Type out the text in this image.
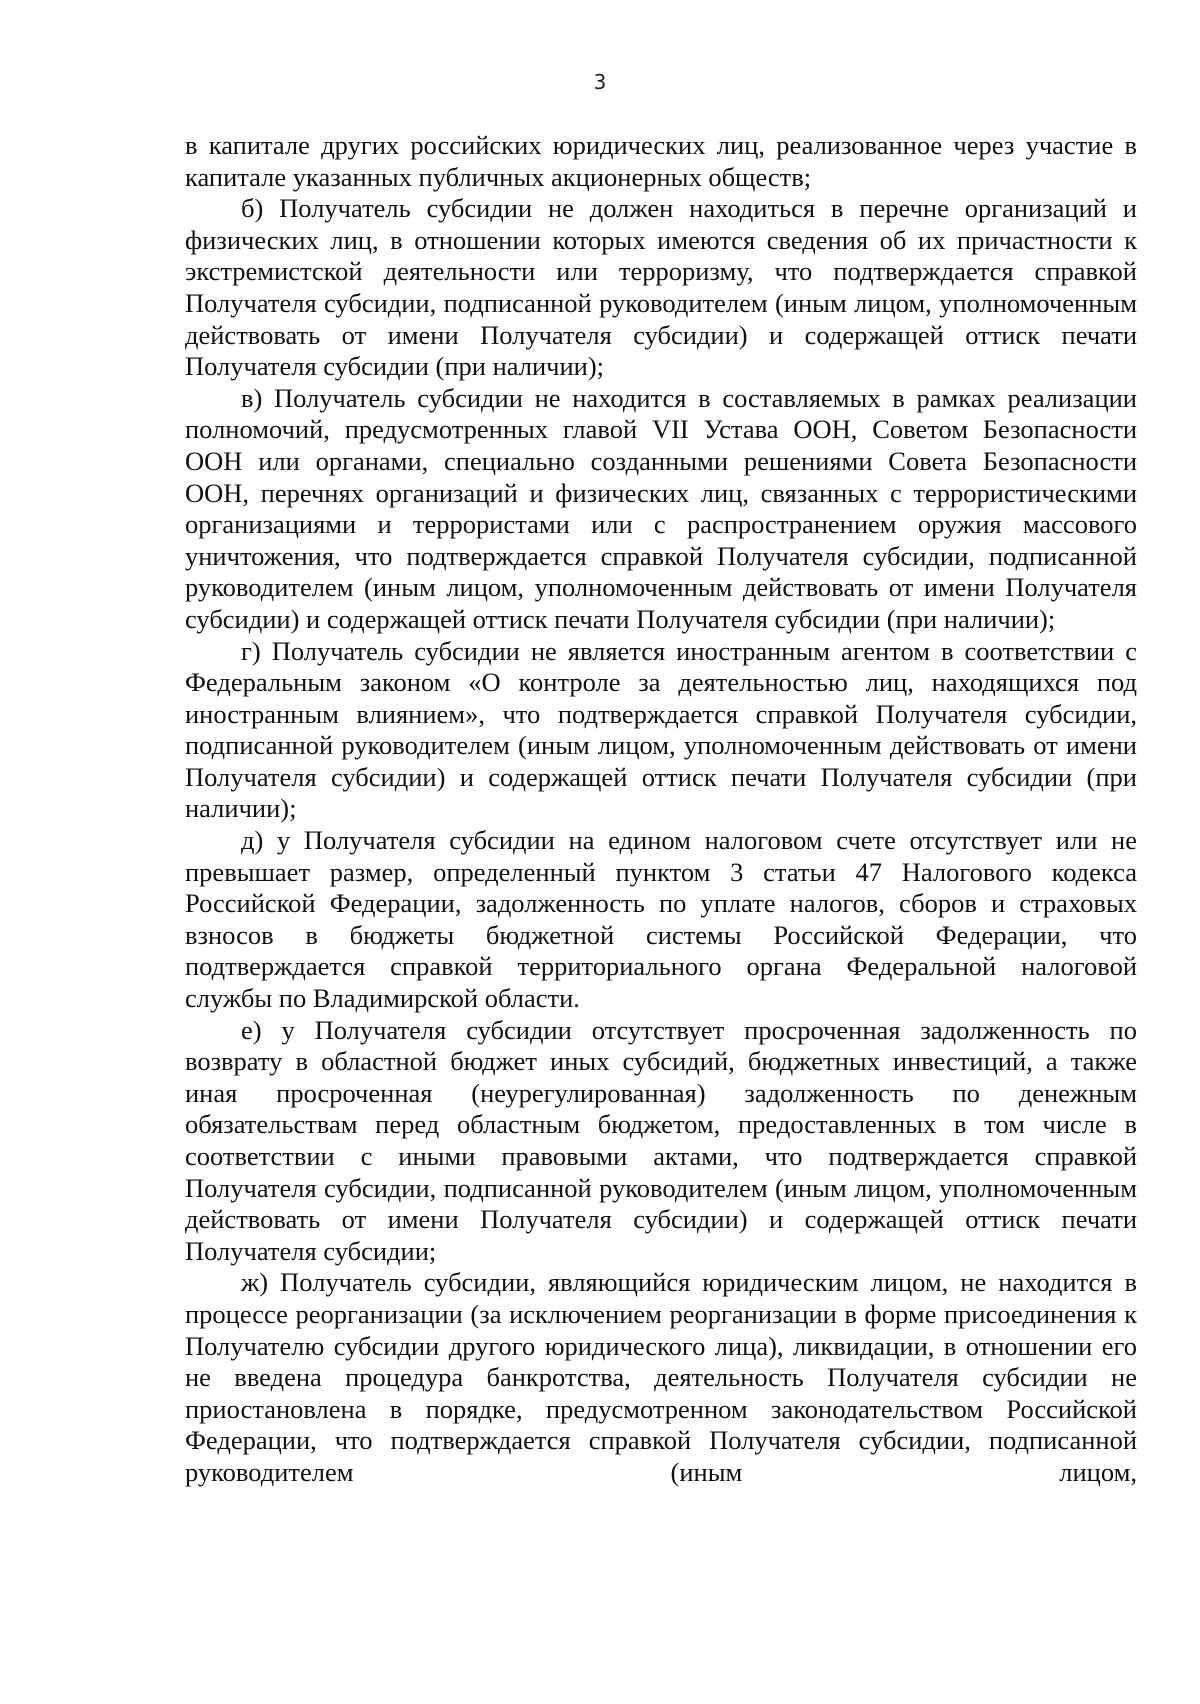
3

в капитале других российских юридических лиц, реализованное через участие в капитале указанных публичных акционерных обществ;

б) Получатель субсидии не должен находиться в перечне организаций и физических лиц, в отношении которых имеются сведения об их причастности к экстремистской деятельности или терроризму, что подтверждается справкой Получателя субсидии, подписанной руководителем (иным лицом, уполномоченным действовать от имени Получателя субсидии) и содержащей оттиск печати Получателя субсидии (при наличии);

в) Получатель субсидии не находится в составляемых в рамках реализации полномочий, предусмотренных главой VII Устава ООН, Советом Безопасности ООН или органами, специально созданными решениями Совета Безопасности ООН, перечнях организаций и физических лиц, связанных с террористическими организациями и террористами или с распространением оружия массового уничтожения, что подтверждается справкой Получателя субсидии, подписанной руководителем (иным лицом, уполномоченным действовать от имени Получателя субсидии) и содержащей оттиск печати Получателя субсидии (при наличии);

г) Получатель субсидии не является иностранным агентом в соответствии с Федеральным законом «О контроле за деятельностью лиц, находящихся под иностранным влиянием», что подтверждается справкой Получателя субсидии, подписанной руководителем (иным лицом, уполномоченным действовать от имени Получателя субсидии) и содержащей оттиск печати Получателя субсидии (при наличии);

д) у Получателя субсидии на едином налоговом счете отсутствует или не превышает размер, определенный пунктом 3 статьи 47 Налогового кодекса Российской Федерации, задолженность по уплате налогов, сборов и страховых взносов в бюджеты бюджетной системы Российской Федерации, что подтверждается справкой территориального органа Федеральной налоговой службы по Владимирской области.

е) у Получателя субсидии отсутствует просроченная задолженность по возврату в областной бюджет иных субсидий, бюджетных инвестиций, а также иная просроченная (неурегулированная) задолженность по денежным обязательствам перед областным бюджетом, предоставленных в том числе в соответствии с иными правовыми актами, что подтверждается справкой Получателя субсидии, подписанной руководителем (иным лицом, уполномоченным действовать от имени Получателя субсидии) и содержащей оттиск печати Получателя субсидии;

ж) Получатель субсидии, являющийся юридическим лицом, не находится в процессе реорганизации (за исключением реорганизации в форме присоединения к Получателю субсидии другого юридического лица), ликвидации, в отношении его не введена процедура банкротства, деятельность Получателя субсидии не приостановлена в порядке, предусмотренном законодательством Российской Федерации, что подтверждается справкой Получателя субсидии, подписанной руководителем (иным лицом,
